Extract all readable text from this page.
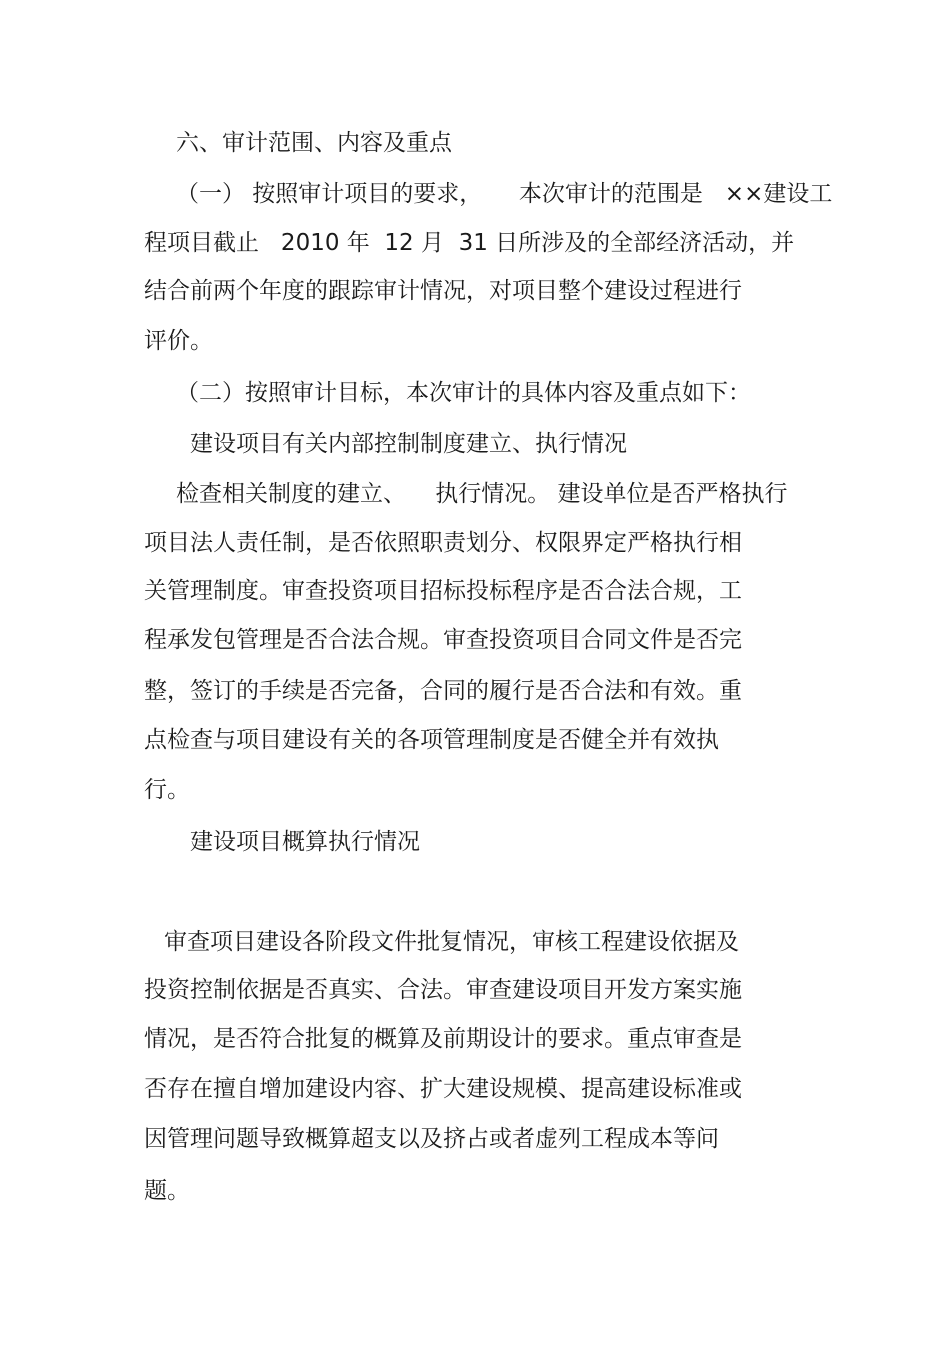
六、审计范围、内容及重点

（一） 按照审计项目的要求，     本次审计的范围是   ××建设工

程项目截止   2010 年  12 月  31 日所涉及的全部经济活动，并

结合前两个年度的跟踪审计情况，对项目整个建设过程进行

评价。

（二）按照审计目标，本次审计的具体内容及重点如下：

建设项目有关内部控制制度建立、执行情况

检查相关制度的建立、    执行情况。 建设单位是否严格执行

项目法人责任制，是否依照职责划分、权限界定严格执行相

关管理制度。审查投资项目招标投标程序是否合法合规，工

程承发包管理是否合法合规。审查投资项目合同文件是否完

整，签订的手续是否完备，合同的履行是否合法和有效。重

点检查与项目建设有关的各项管理制度是否健全并有效执

行。

建设项目概算执行情况

审查项目建设各阶段文件批复情况，审核工程建设依据及

投资控制依据是否真实、合法。审查建设项目开发方案实施

情况，是否符合批复的概算及前期设计的要求。重点审查是

否存在擅自增加建设内容、扩大建设规模、提高建设标准或

因管理问题导致概算超支以及挤占或者虚列工程成本等问

题。
